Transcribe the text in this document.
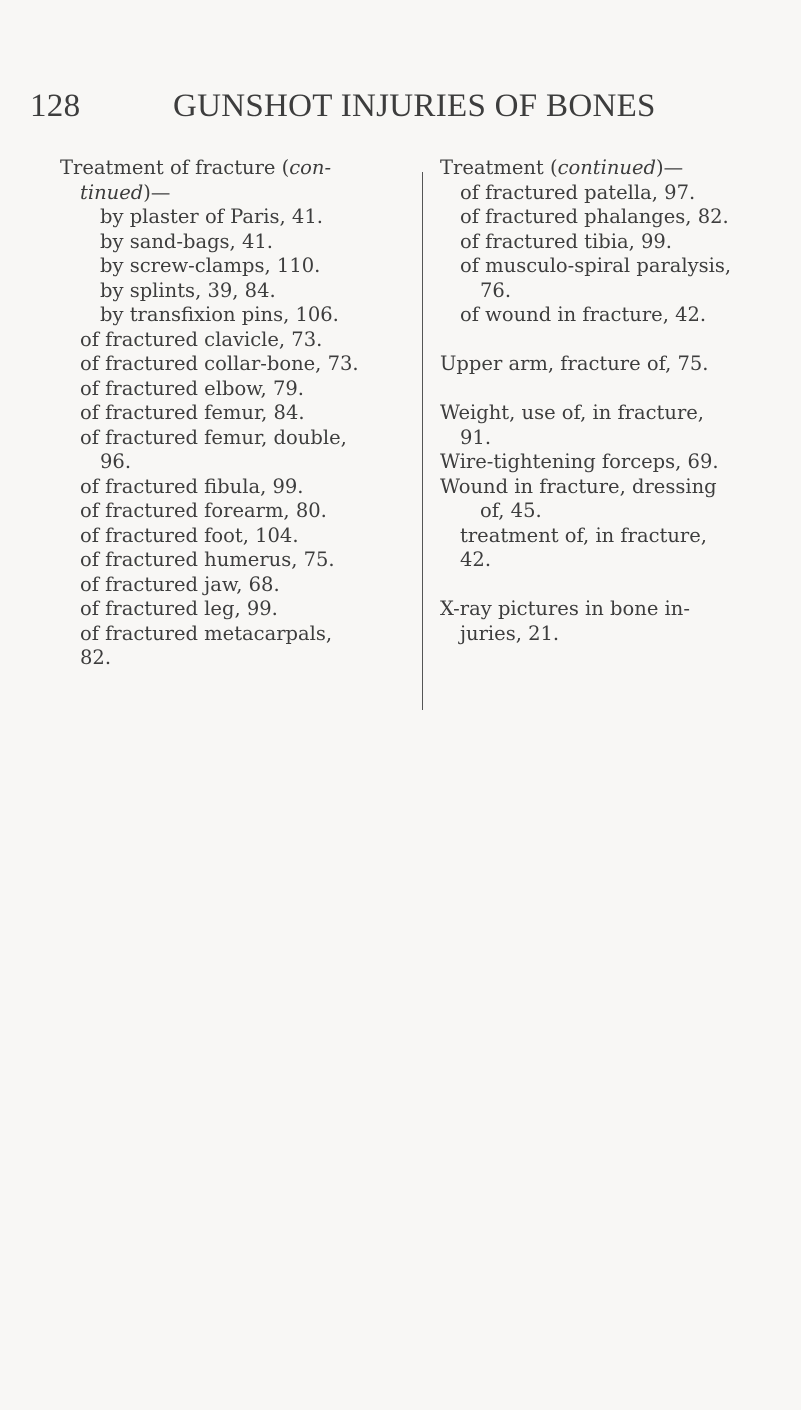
128	GUNSHOT INJURIES OF BONES
Treatment of fracture (con-
tinued)—
by plaster of Paris, 41.
by sand-bags, 41.
by screw-clamps, 110.
by splints, 39, 84.
by transfixion pins, 106.
of fractured clavicle, 73.
of fractured collar-bone, 73.
of fractured elbow, 79.
of fractured femur, 84.
of fractured femur, double,
96.
of fractured fibula, 99.
of fractured forearm, 80.
of fractured foot, 104.
of fractured humerus, 75.
of fractured jaw, 68.
of fractured leg, 99.
of fractured metacarpals,
82.
Treatment (continued)—
of fractured patella, 97.
of fractured phalanges, 82.
of fractured tibia, 99.
of musculo-spiral paralysis,
76.
of wound in fracture, 42.
Upper arm, fracture of, 75.
Weight, use of, in fracture,
91.
Wire-tightening forceps, 69.
Wound in fracture, dressing
of, 45.
treatment of, in fracture,
42.
X-ray pictures in bone in-
juries, 21.
